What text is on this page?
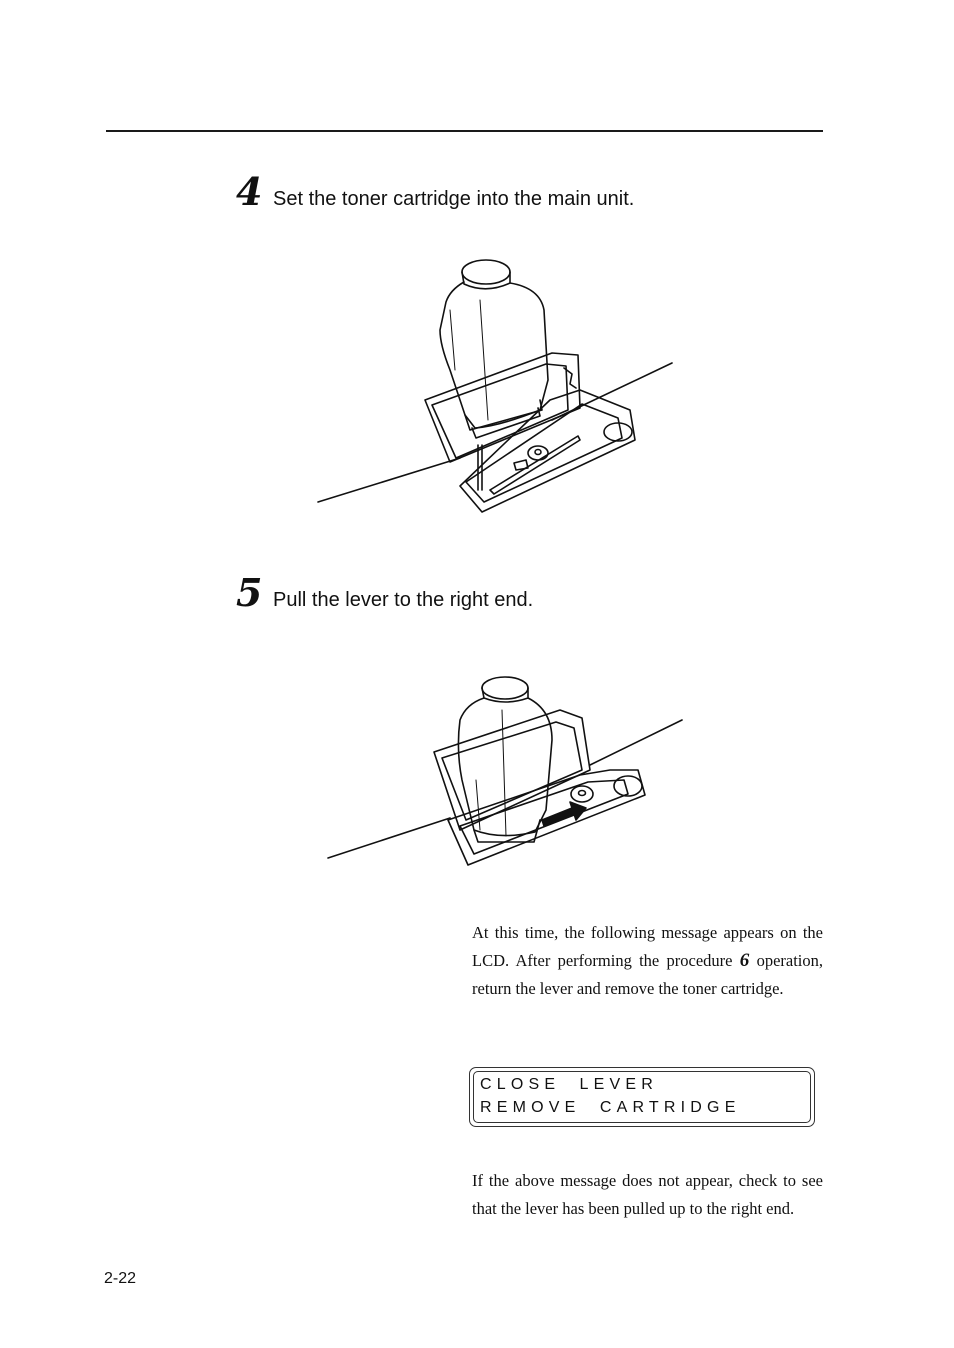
4 Set the toner cartridge into the main unit.
5 Pull the lever to the right end.
At this time, the following message appears on the LCD. After performing the procedure 6 operation, return the lever and remove the toner cartridge.
CLOSE  LEVER
REMOVE  CARTRIDGE
If the above message does not appear, check to see that the lever has been pulled up to the right end.
2-22
